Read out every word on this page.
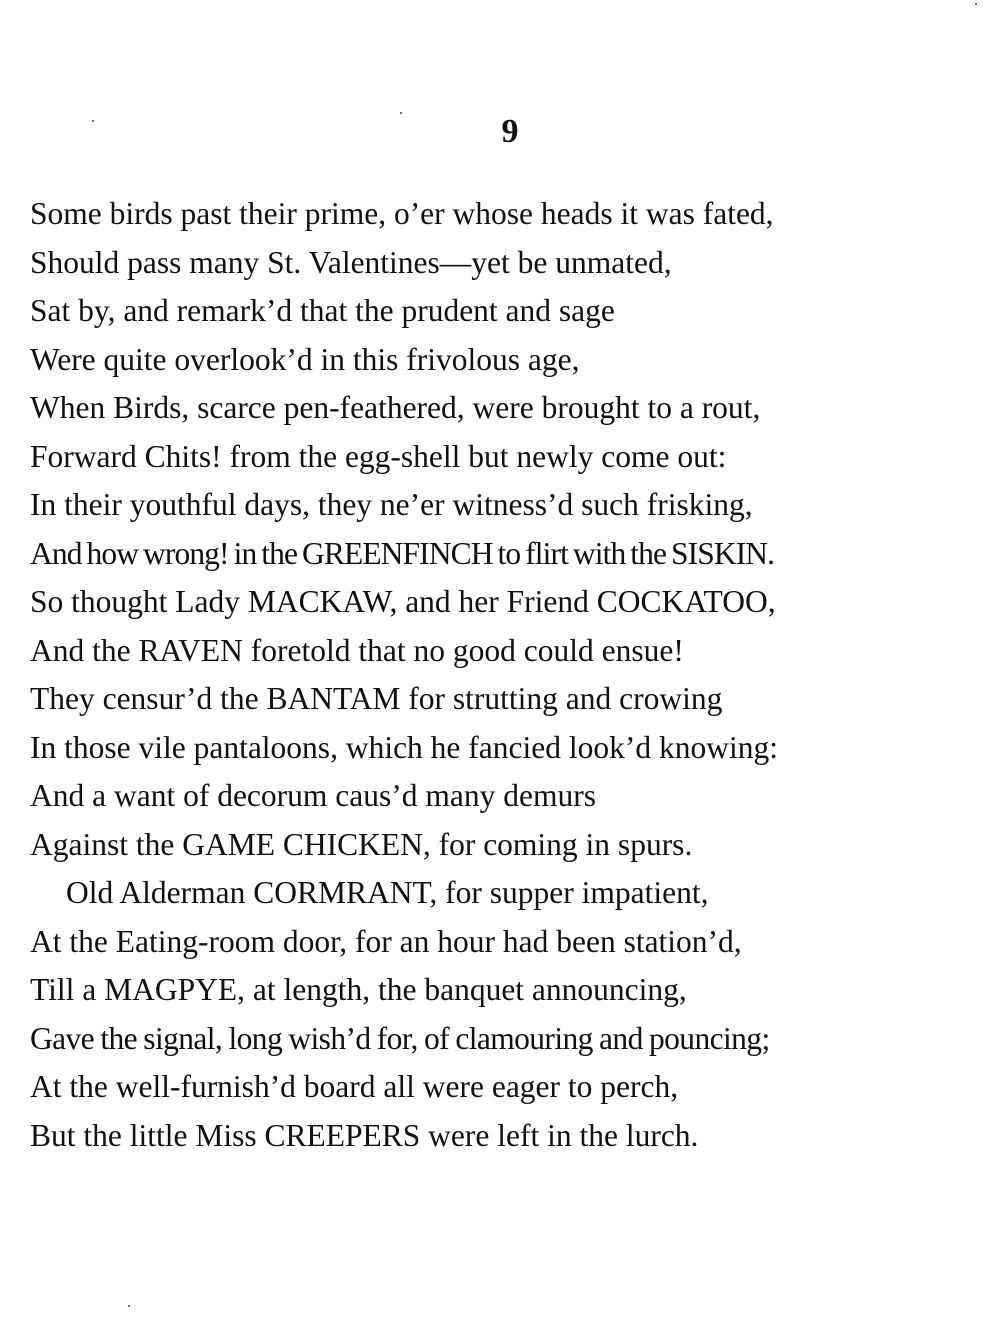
9
Some birds past their prime, o’er whose heads it was fated,
Should pass many St. Valentines—yet be unmated,
Sat by, and remark’d that the prudent and sage
Were quite overlook’d in this frivolous age,
When Birds, scarce pen-feathered, were brought to a rout,
Forward Chits! from the egg-shell but newly come out:
In their youthful days, they ne’er witness’d such frisking,
And how wrong! in the GREENFINCH to flirt with the SISKIN.
So thought Lady MACKAW, and her Friend COCKATOO,
And the RAVEN foretold that no good could ensue!
They censur’d the BANTAM for strutting and crowing
In those vile pantaloons, which he fancied look’d knowing:
And a want of decorum caus’d many demurs
Against the GAME CHICKEN, for coming in spurs.
Old Alderman CORMRANT, for supper impatient,
At the Eating-room door, for an hour had been station’d,
Till a MAGPYE, at length, the banquet announcing,
Gave the signal, long wish’d for, of clamouring and pouncing;
At the well-furnish’d board all were eager to perch,
But the little Miss CREEPERS were left in the lurch.
